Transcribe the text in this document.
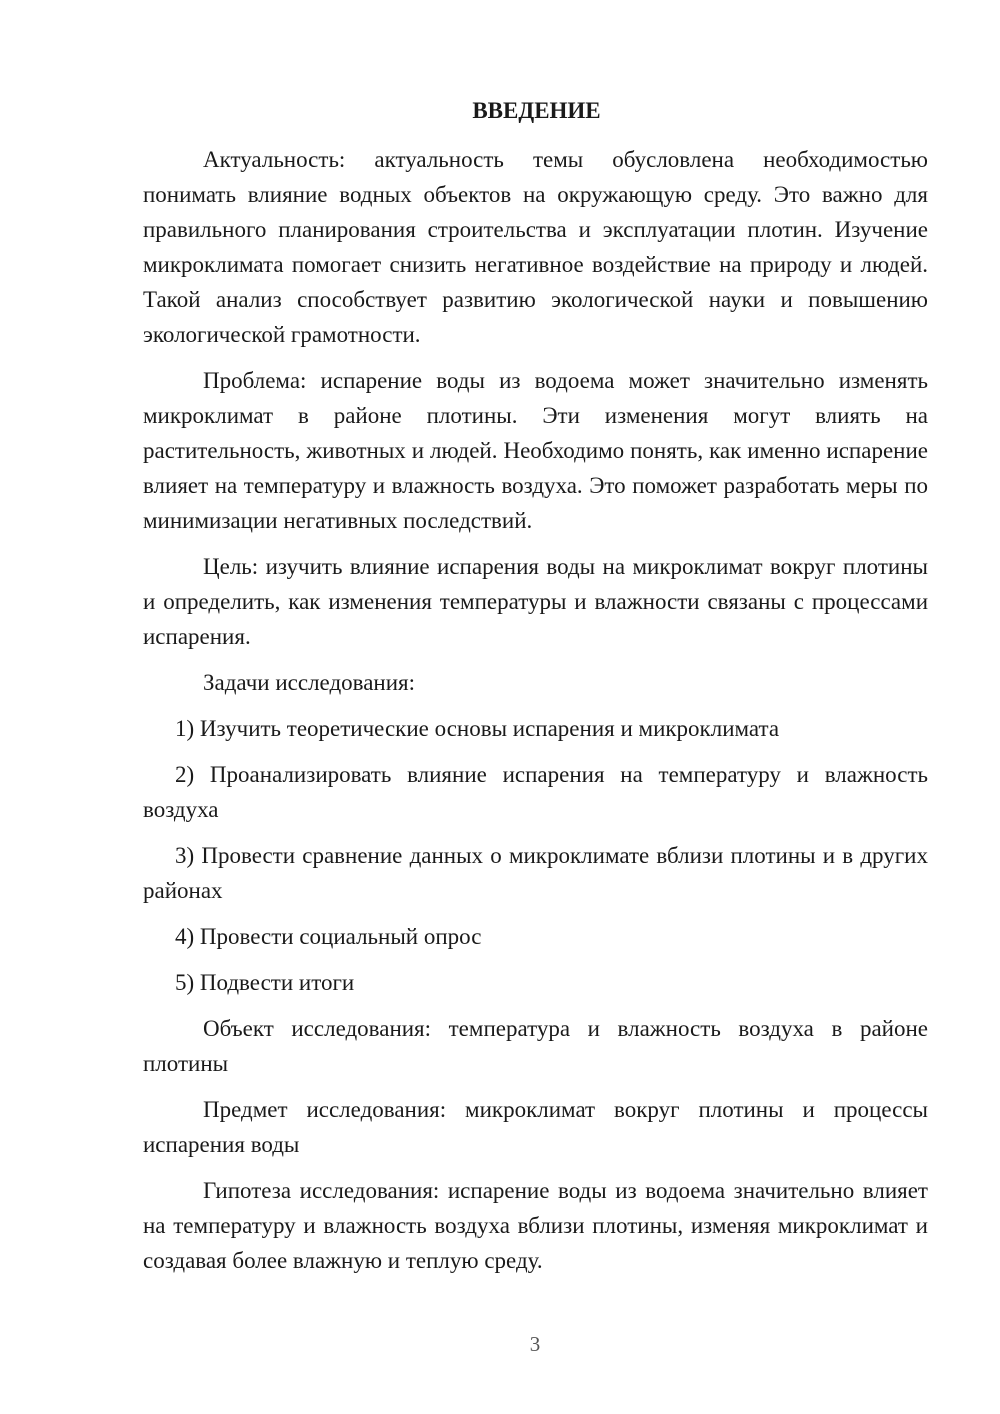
ВВЕДЕНИЕ

Актуальность: актуальность темы обусловлена необходимостью понимать влияние водных объектов на окружающую среду. Это важно для правильного планирования строительства и эксплуатации плотин. Изучение микроклимата помогает снизить негативное воздействие на природу и людей. Такой анализ способствует развитию экологической науки и повышению экологической грамотности.

Проблема: испарение воды из водоема может значительно изменять микроклимат в районе плотины. Эти изменения могут влиять на растительность, животных и людей. Необходимо понять, как именно испарение влияет на температуру и влажность воздуха. Это поможет разработать меры по минимизации негативных последствий.

Цель: изучить влияние испарения воды на микроклимат вокруг плотины и определить, как изменения температуры и влажности связаны с процессами испарения.

Задачи исследования:

1) Изучить теоретические основы испарения и микроклимата

2) Проанализировать влияние испарения на температуру и влажность воздуха

3) Провести сравнение данных о микроклимате вблизи плотины и в других районах

4) Провести социальный опрос

5) Подвести итоги

Объект исследования: температура и влажность воздуха в районе плотины

Предмет исследования: микроклимат вокруг плотины и процессы испарения воды

Гипотеза исследования: испарение воды из водоема значительно влияет на температуру и влажность воздуха вблизи плотины, изменяя микроклимат и создавая более влажную и теплую среду.

3
